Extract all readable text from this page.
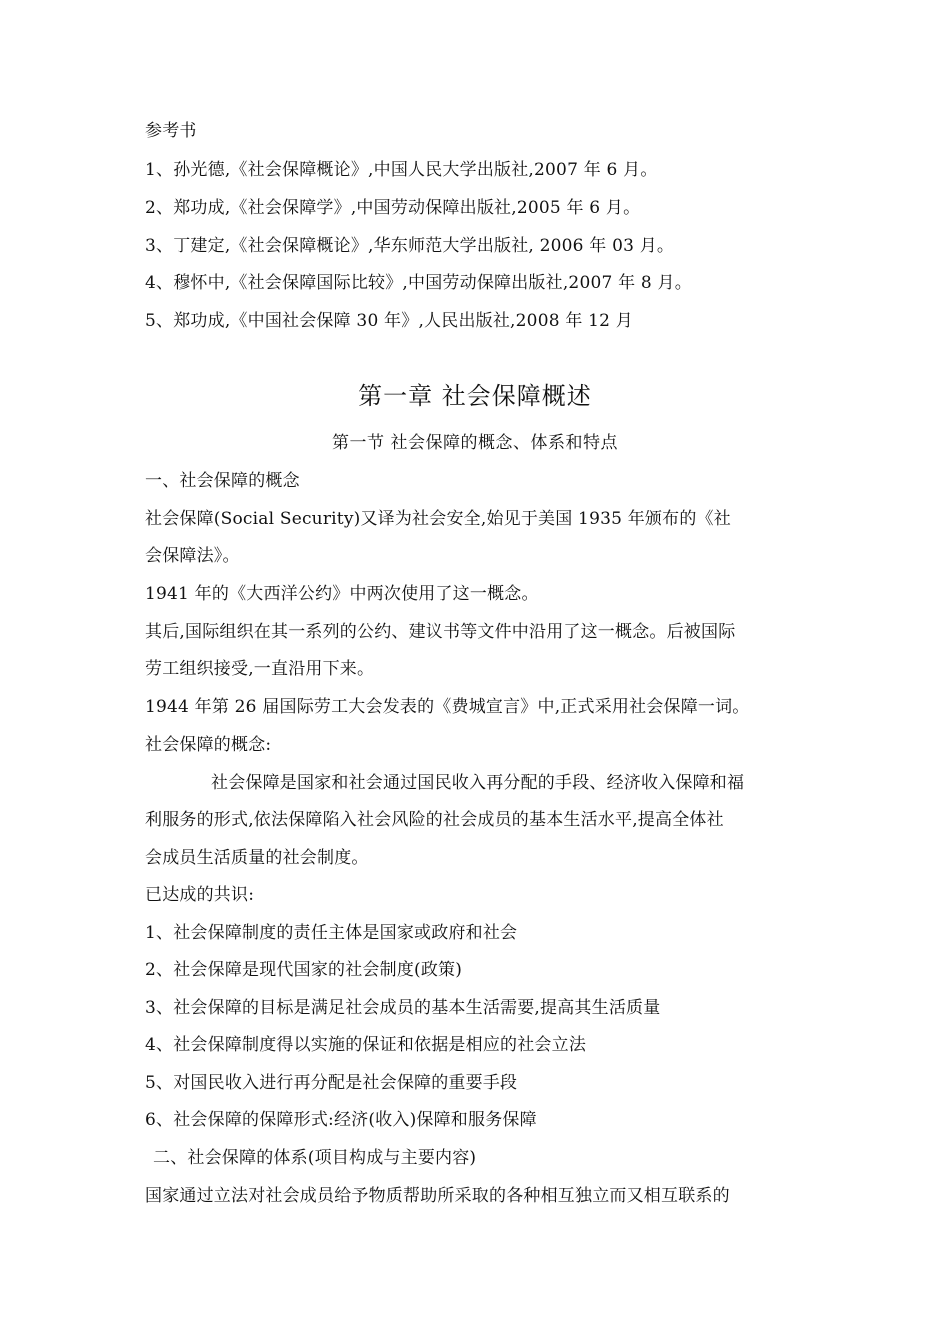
参考书
1、孙光德,《社会保障概论》,中国人民大学出版社,2007 年 6 月。
2、郑功成,《社会保障学》,中国劳动保障出版社,2005 年 6 月。
3、丁建定,《社会保障概论》,华东师范大学出版社, 2006 年 03 月。
4、穆怀中,《社会保障国际比较》,中国劳动保障出版社,2007 年 8 月。
5、郑功成,《中国社会保障 30 年》,人民出版社,2008 年 12 月
第一章 社会保障概述
第一节 社会保障的概念、体系和特点
一、社会保障的概念
社会保障(Social Security)又译为社会安全,始见于美国 1935 年颁布的《社
会保障法》。
1941 年的《大西洋公约》中两次使用了这一概念。
其后,国际组织在其一系列的公约、建议书等文件中沿用了这一概念。后被国际
劳工组织接受,一直沿用下来。
1944 年第 26 届国际劳工大会发表的《费城宣言》中,正式采用社会保障一词。
社会保障的概念:
社会保障是国家和社会通过国民收入再分配的手段、经济收入保障和福
利服务的形式,依法保障陷入社会风险的社会成员的基本生活水平,提高全体社
会成员生活质量的社会制度。
已达成的共识:
1、社会保障制度的责任主体是国家或政府和社会
2、社会保障是现代国家的社会制度(政策)
3、社会保障的目标是满足社会成员的基本生活需要,提高其生活质量
4、社会保障制度得以实施的保证和依据是相应的社会立法
5、对国民收入进行再分配是社会保障的重要手段
6、社会保障的保障形式:经济(收入)保障和服务保障
二、社会保障的体系(项目构成与主要内容)
国家通过立法对社会成员给予物质帮助所采取的各种相互独立而又相互联系的
